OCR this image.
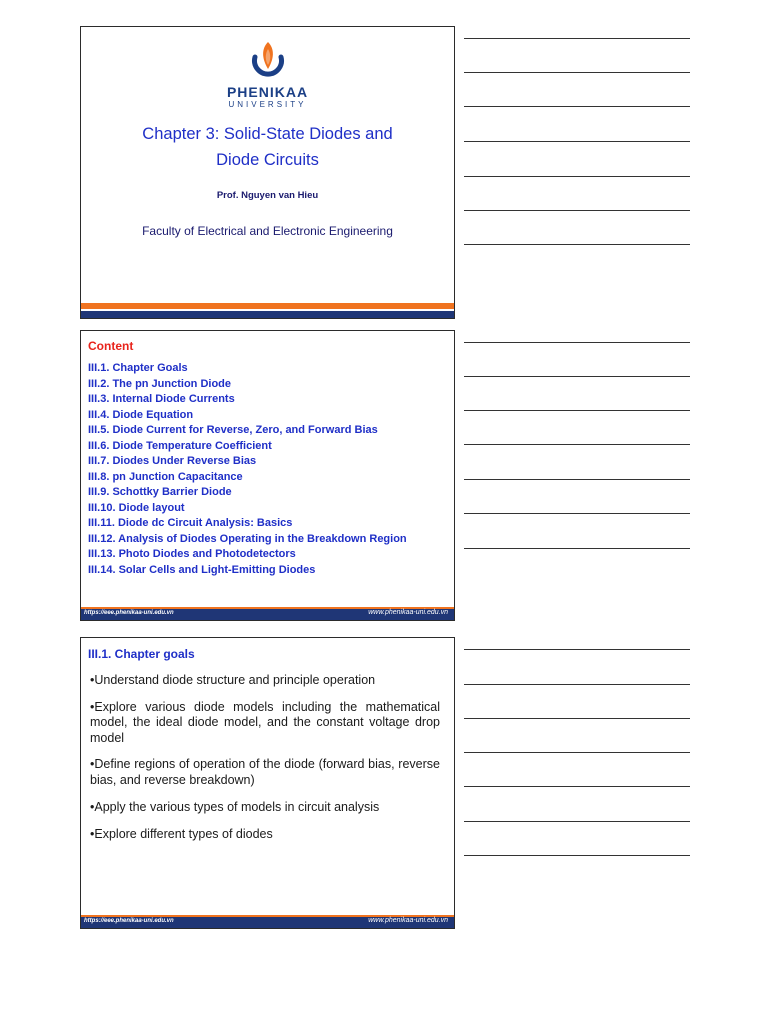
PHENIKAA
UNIVERSITY
Chapter 3: Solid-State Diodes and
Diode Circuits
Prof. Nguyen van Hieu
Faculty of Electrical and Electronic Engineering
Content
III.1. Chapter Goals
III.2. The pn Junction Diode
III.3. Internal Diode Currents
III.4. Diode Equation
III.5. Diode Current for Reverse, Zero, and Forward Bias
III.6. Diode Temperature Coefficient
III.7. Diodes Under Reverse Bias
III.8. pn Junction Capacitance
III.9. Schottky Barrier Diode
III.10. Diode layout
III.11. Diode dc Circuit Analysis: Basics
III.12. Analysis of Diodes Operating in the Breakdown Region
III.13. Photo Diodes and Photodetectors
III.14. Solar Cells and Light-Emitting Diodes
https://eee.phenikaa-uni.edu.vn	www.phenikaa-uni.edu.vn
III.1. Chapter goals
•Understand diode structure and principle operation
•Explore various diode models including the mathematical model, the ideal diode model, and the constant voltage drop model
•Define regions of operation of the diode (forward bias, reverse bias, and reverse breakdown)
•Apply the various types of models in circuit analysis
•Explore different types of diodes
https://eee.phenikaa-uni.edu.vn	www.phenikaa-uni.edu.vn
